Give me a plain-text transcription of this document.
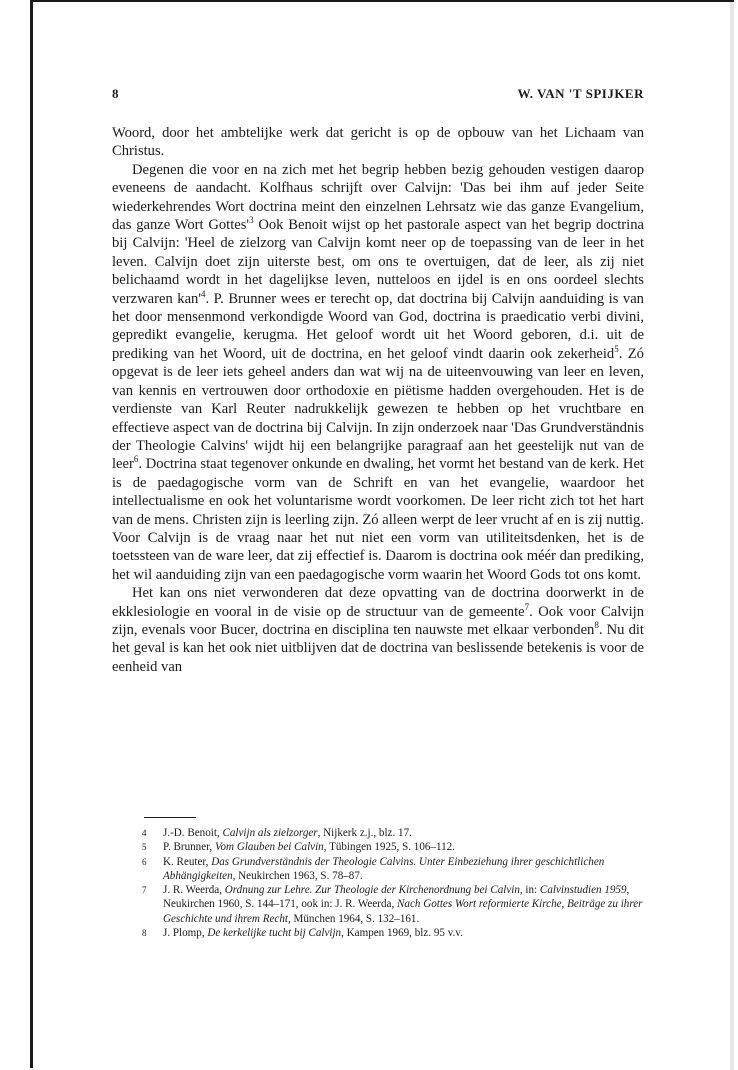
8	W. VAN 'T SPIJKER

Woord, door het ambtelijke werk dat gericht is op de opbouw van het Lichaam van Christus.

Degenen die voor en na zich met het begrip hebben bezig gehouden vestigen daarop eveneens de aandacht. Kolfhaus schrijft over Calvijn: 'Das bei ihm auf jeder Seite wiederkehrendes Wort doctrina meint den einzelnen Lehrsatz wie das ganze Evangelium, das ganze Wort $Gottes'^3$ Ook Benoit wijst op het pastorale aspect van het begrip doctrina bij Calvijn: 'Heel de zielzorg van Calvijn komt neer op de toepassing van de leer in het leven. Calvijn doet zijn uiterste best, om ons te overtuigen, dat de leer, als zij niet belichaamd wordt in het dagelijkse leven, nutteloos en ijdel is en ons oordeel slechts verzwaren $kan'^4$. P. Brunner wees er terecht op, dat doctrina bij Calvijn aanduiding is van het door mensenmond verkondigde Woord van God, doctrina is praedicatio verbi divini, gepredikt evangelie, kerugma. Het geloof wordt uit het Woord geboren, d.i. uit de prediking van het Woord, uit de doctrina, en het geloof vindt daarin ook zekerheid$^5$. Zó opgevat is de leer iets geheel anders dan wat wij na de uiteenvouwing van leer en leven, van kennis en vertrouwen door orthodoxie en piëtisme hadden overgehouden. Het is de verdienste van Karl Reuter nadrukkelijk gewezen te hebben op het vruchtbare en effectieve aspect van de doctrina bij Calvijn. In zijn onderzoek naar 'Das Grundverständnis der Theologie Calvins' wijdt hij een belangrijke paragraaf aan het geestelijk nut van de leer$^6$. Doctrina staat tegenover onkunde en dwaling, het vormt het bestand van de kerk. Het is de paedagogische vorm van de Schrift en van het evangelie, waardoor het intellectualisme en ook het voluntarisme wordt voorkomen. De leer richt zich tot het hart van de mens. Christen zijn is leerling zijn. Zó alleen werpt de leer vrucht af en is zij nuttig. Voor Calvijn is de vraag naar het nut niet een vorm van utiliteitsdenken, het is de toetssteen van de ware leer, dat zij effectief is. Daarom is doctrina ook méér dan prediking, het wil aanduiding zijn van een paedagogische vorm waarin het Woord Gods tot ons komt.

Het kan ons niet verwonderen dat deze opvatting van de doctrina doorwerkt in de ekklesiologie en vooral in de visie op de structuur van de gemeente$^7$. Ook voor Calvijn zijn, evenals voor Bucer, doctrina en disciplina ten nauwste met elkaar verbonden$^8$. Nu dit het geval is kan het ook niet uitblijven dat de doctrina van beslissende betekenis is voor de eenheid van

4 J.-D. Benoit, Calvijn als zielzorger, Nijkerk z.j., blz. 17.
5 P. Brunner, Vom Glauben bei Calvin, Tübingen 1925, S. 106–112.
6 K. Reuter, Das Grundverständnis der Theologie Calvins. Unter Einbeziehung ihrer geschichtlichen Abhängigkeiten, Neukirchen 1963, S. 78–87.
7 J. R. Weerda, Ordnung zur Lehre. Zur Theologie der Kirchenordnung bei Calvin, in: Calvinstudien 1959, Neukirchen 1960, S. 144–171, ook in: J. R. Weerda, Nach Gottes Wort reformierte Kirche, Beiträge zu ihrer Geschichte und ihrem Recht, München 1964, S. 132–161.
8 J. Plomp, De kerkelijke tucht bij Calvijn, Kampen 1969, blz. 95 v.v.
